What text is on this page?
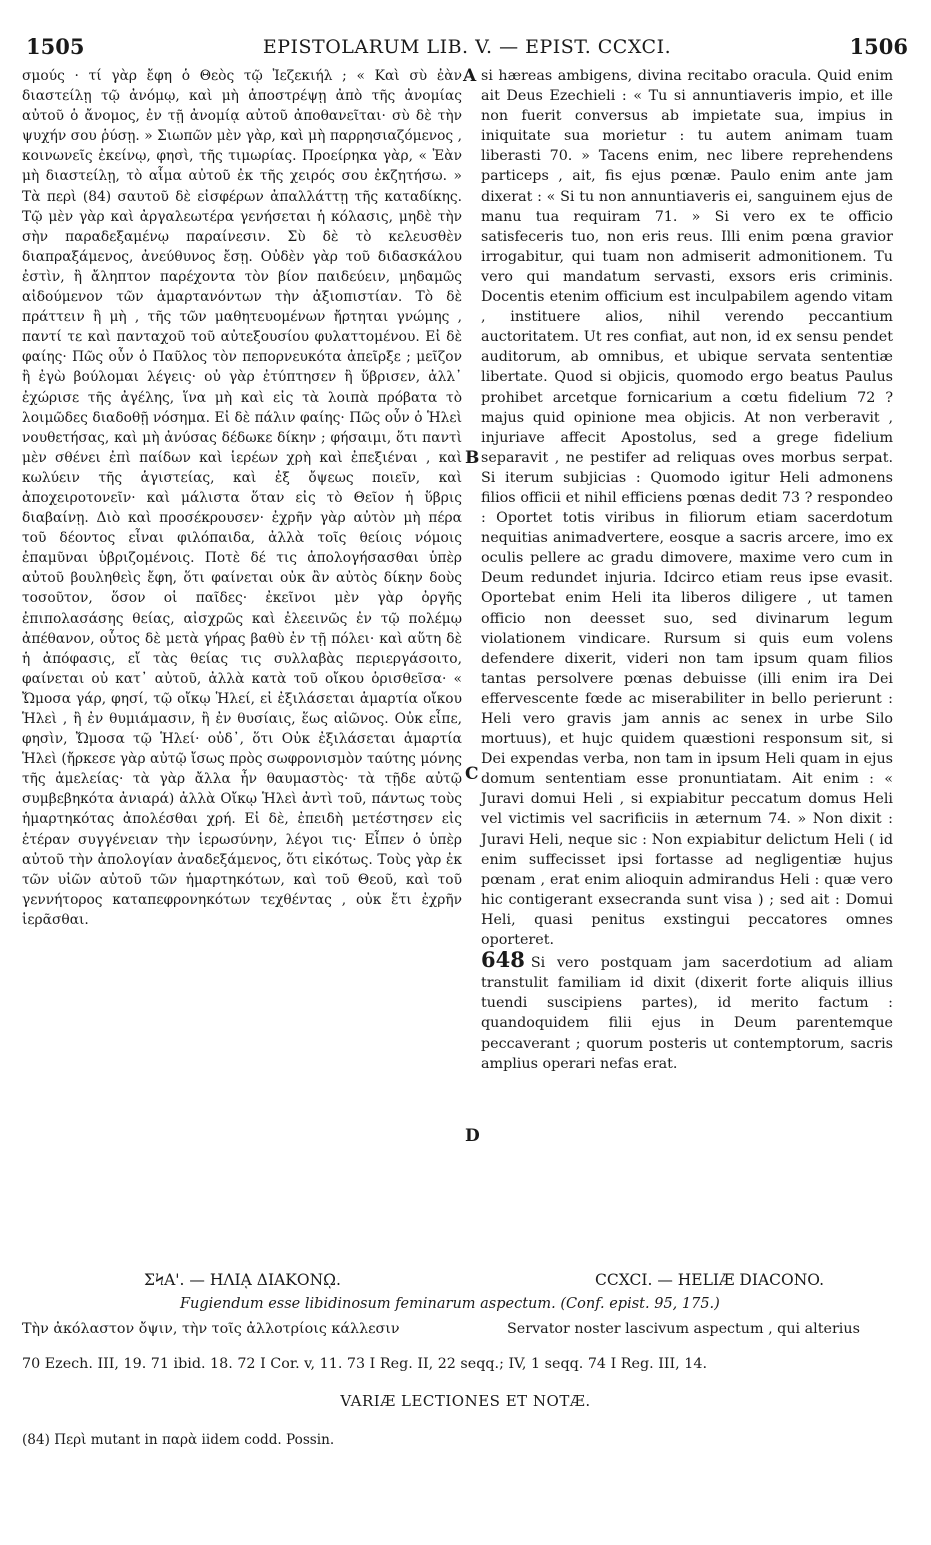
1505	EPISTOLARUM LIB. V. — EPIST. CCXCI.	1506

σμούς · τί γὰρ ἔφη ὁ Θεὸς τῷ Ἰεζεκιήλ ; « Καὶ σὺ ἐὰν διαστείλῃ τῷ ἀνόμῳ, καὶ μὴ ἀποστρέψῃ ἀπὸ τῆς ἀνομίας αὐτοῦ ὁ ἄνομος, ἐν τῇ ἀνομίᾳ αὐτοῦ ἀποθανεῖται· σὺ δὲ τὴν ψυχήν σου ῥύσῃ. » Σιωπῶν μὲν γὰρ, καὶ μὴ παρρησιαζόμενος , κοινωνεῖς ἐκείνῳ, φησὶ, τῆς τιμωρίας. Προείρηκα γὰρ, « Ἐὰν μὴ διαστείλῃ, τὸ αἷμα αὐτοῦ ἐκ τῆς χειρός σου ἐκζητήσω. » Τὰ περὶ (84) σαυτοῦ δὲ εἰσφέρων ἀπαλλάττῃ τῆς καταδίκης. Τῷ μὲν γὰρ καὶ ἀργαλεωτέρα γενήσεται ἡ κόλασις, μηδὲ τὴν σὴν παραδεξαμένῳ παραίνεσιν. Σὺ δὲ τὸ κελευσθὲν διαπραξάμενος, ἀνεύθυνος ἔσῃ. Οὐδὲν γὰρ τοῦ διδασκάλου ἐστὶν, ἢ ἄληπτον παρέχοντα τὸν βίον παιδεύειν, μηδαμῶς αἰδούμενον τῶν ἁμαρτανόντων τὴν ἀξιοπιστίαν. Τὸ δὲ πράττειν ἢ μὴ , τῆς τῶν μαθητευομένων ἤρτηται γνώμης , παντί τε καὶ πανταχοῦ τοῦ αὐτεξουσίου φυλαττομένου. Εἰ δὲ φαίης· Πῶς οὖν ὁ Παῦλος τὸν πεπορνευκότα ἀπεῖρξε ; μεῖζον ἢ ἐγὼ βούλομαι λέγεις· οὐ γὰρ ἐτύπτησεν ἢ ὕβρισεν, ἀλλ᾽ ἐχώρισε τῆς ἀγέλης, ἵνα μὴ καὶ εἰς τὰ λοιπὰ πρόβατα τὸ λοιμῶδες διαδοθῇ νόσημα. Εἰ δὲ πάλιν φαίης· Πῶς οὖν ὁ Ἡλεὶ νουθετήσας, καὶ μὴ ἀνύσας δέδωκε δίκην ; φήσαιμι, ὅτι παντὶ μὲν σθένει ἐπὶ παίδων καὶ ἱερέων χρὴ καὶ ἐπεξιέναι , καὶ κωλύειν τῆς ἁγιστείας, καὶ ἐξ ὄψεως ποιεῖν, καὶ ἀποχειροτονεῖν· καὶ μάλιστα ὅταν εἰς τὸ Θεῖον ἡ ὕβρις διαβαίνῃ. Διὸ καὶ προσέκρουσεν· ἐχρῆν γὰρ αὐτὸν μὴ πέρα τοῦ δέοντος εἶναι φιλόπαιδα, ἀλλὰ τοῖς θείοις νόμοις ἐπαμῦναι ὑβριζομένοις. Ποτὲ δέ τις ἀπολογήσασθαι ὑπὲρ αὐτοῦ βουληθεὶς ἔφη, ὅτι φαίνεται οὐκ ἂν αὐτὸς δίκην δοὺς τοσοῦτον, ὅσον οἱ παῖδες· ἐκεῖνοι μὲν γὰρ ὀργῆς ἐπιπολασάσης θείας, αἰσχρῶς καὶ ἐλεεινῶς ἐν τῷ πολέμῳ ἀπέθανον, οὗτος δὲ μετὰ γήρας βαθὺ ἐν τῇ πόλει· καὶ αὕτη δὲ ἡ ἀπόφασις, εἴ τὰς θείας τις συλλαβὰς περιεργάσοιτο, φαίνεται οὐ κατ᾽ αὐτοῦ, ἀλλὰ κατὰ τοῦ οἴκου ὁρισθεῖσα· « Ὤμοσα γάρ, φησί, τῷ οἴκῳ Ἡλεί, εἰ ἐξιλάσεται ἁμαρτία οἴκου Ἡλεὶ , ἢ ἐν θυμιάμασιν, ἢ ἐν θυσίαις, ἕως αἰῶνος. Οὐκ εἶπε, φησὶν, Ὤμοσα τῷ Ἡλεί· οὐδ᾽, ὅτι Οὐκ ἐξιλάσεται ἁμαρτία Ἡλεὶ (ἤρκεσε γὰρ αὐτῷ ἴσως πρὸς σωφρονισμὸν ταύτης μόνης τῆς ἀμελείας· τὰ γὰρ ἄλλα ἦν θαυμαστὸς· τὰ τῇδε αὐτῷ συμβεβηκότα ἀνιαρά) ἀλλὰ Οἴκῳ Ἡλεὶ ἀντὶ τοῦ, πάντως τοὺς ἡμαρτηκότας ἀπολέσθαι χρή. Εἰ δὲ, ἐπειδὴ μετέστησεν εἰς ἑτέραν συγγένειαν τὴν ἱερωσύνην, λέγοι τις· Εἶπεν ὁ ὑπὲρ αὐτοῦ τὴν ἀπολογίαν ἀναδεξάμενος, ὅτι εἰκότως. Τοὺς γὰρ ἐκ τῶν υἱῶν αὐτοῦ τῶν ἡμαρτηκότων, καὶ τοῦ Θεοῦ, καὶ τοῦ γεννήτορος καταπεφρονηκότων τεχθέντας , οὐκ ἔτι ἐχρῆν ἱερᾶσθαι.

A
B
C
D

si hæreas ambigens, divina recitabo oracula. Quid enim ait Deus Ezechieli : « Tu si annuntiaveris impio, et ille non fuerit conversus ab impietate sua, impius in iniquitate sua morietur : tu autem animam tuam liberasti 70. » Tacens enim, nec libere reprehendens particeps , ait, fis ejus pœnæ. Paulo enim ante jam dixerat : « Si tu non annuntiaveris ei, sanguinem ejus de manu tua requiram 71. » Si vero ex te officio satisfeceris tuo, non eris reus. Illi enim pœna gravior irrogabitur, qui tuam non admiserit admonitionem. Tu vero qui mandatum servasti, exsors eris criminis. Docentis etenim officium est inculpabilem agendo vitam , instituere alios, nihil verendo peccantium auctoritatem. Ut res confiat, aut non, id ex sensu pendet auditorum, ab omnibus, et ubique servata sententiæ libertate. Quod si objicis, quomodo ergo beatus Paulus prohibet arcetque fornicarium a cœtu fidelium 72 ? majus quid opinione mea objicis. At non verberavit , injuriave affecit Apostolus, sed a grege fidelium separavit , ne pestifer ad reliquas oves morbus serpat. Si iterum subjicias : Quomodo igitur Heli admonens filios officii et nihil efficiens pœnas dedit 73 ? respondeo : Oportet totis viribus in filiorum etiam sacerdotum nequitias animadvertere, eosque a sacris arcere, imo ex oculis pellere ac gradu dimovere, maxime vero cum in Deum redundet injuria. Idcirco etiam reus ipse evasit. Oportebat enim Heli ita liberos diligere , ut tamen officio non deesset suo, sed divinarum legum violationem vindicare. Rursum si quis eum volens defendere dixerit, videri non tam ipsum quam filios tantas persolvere pœnas debuisse (illi enim ira Dei effervescente fœde ac miserabiliter in bello perierunt : Heli vero gravis jam annis ac senex in urbe Silo mortuus), et hujc quidem quæstioni responsum sit, si Dei expendas verba, non tam in ipsum Heli quam in ejus domum sententiam esse pronuntiatam. Ait enim : « Juravi domui Heli , si expiabitur peccatum domus Heli vel victimis vel sacrificiis in æternum 74. » Non dixit : Juravi Heli, neque sic : Non expiabitur delictum Heli ( id enim suffecisset ipsi fortasse ad negligentiæ hujus pœnam , erat enim alioquin admirandus Heli : quæ vero hic contigerant exsecranda sunt visa ) ; sed ait : Domui Heli, quasi penitus exstingui peccatores omnes oporteret.

648 Si vero postquam jam sacerdotium ad aliam transtulit familiam id dixit (dixerit forte aliquis illius tuendi suscipiens partes), id merito factum : quandoquidem filii ejus in Deum parentemque peccaverant ; quorum posteris ut contemptorum, sacris amplius operari nefas erat.

ΣϞΑ'. — ΗΛΙᾼ ΔΙΑΚΟΝῼ.	CCXCI. — HELIÆ DIACONO.
Fugiendum esse libidinosum feminarum aspectum. (Conf. epist. 95, 175.)
Τὴν ἀκόλαστον ὄψιν, τὴν τοῖς ἀλλοτρίοις κάλλεσιν	Servator noster lascivum aspectum , qui alterius
70 Ezech. III, 19. 71 ibid. 18. 72 I Cor. v, 11. 73 I Reg. II, 22 seqq.; IV, 1 seqq. 74 I Reg. III, 14.
VARIÆ LECTIONES ET NOTÆ.
(84) Περὶ mutant in παρὰ iidem codd. Possin.
